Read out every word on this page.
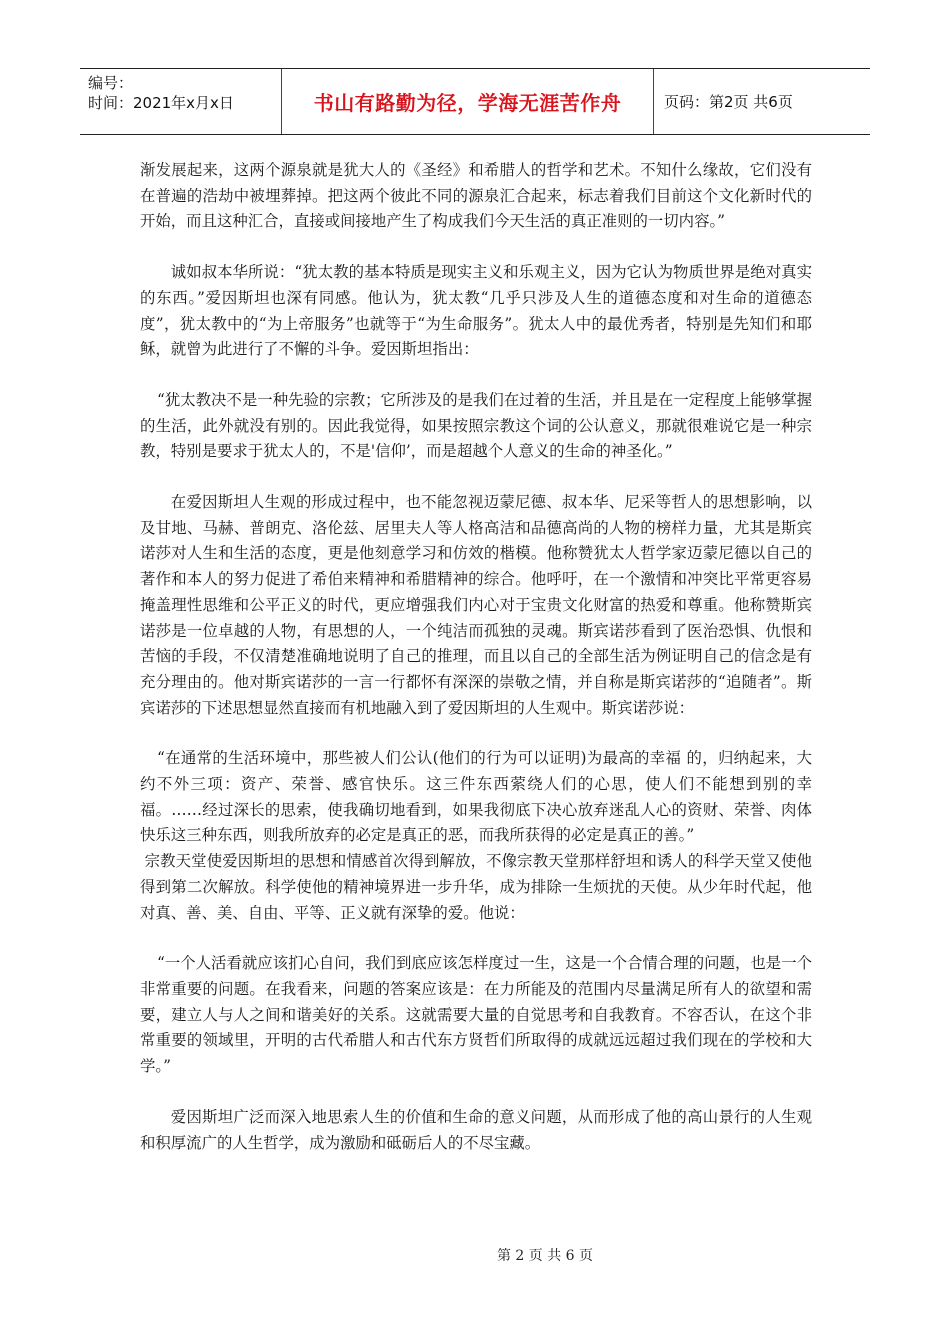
编号：
时间：2021年x月x日	书山有路勤为径，学海无涯苦作舟	页码：第2页 共6页

渐发展起来，这两个源泉就是犹大人的《圣经》和希腊人的哲学和艺术。不知什么缘故，它们没有在普遍的浩劫中被埋葬掉。把这两个彼此不同的源泉汇合起来，标志着我们目前这个文化新时代的开始，而且这种汇合，直接或间接地产生了构成我们今天生活的真正准则的一切内容。”

诚如叔本华所说：“犹太教的基本特质是现实主义和乐观主义，因为它认为物质世界是绝对真实的东西。”爱因斯坦也深有同感。他认为，犹太教“几乎只涉及人生的道德态度和对生命的道德态度”，犹太教中的“为上帝服务”也就等于“为生命服务”。犹太人中的最优秀者，特别是先知们和耶稣，就曾为此进行了不懈的斗争。爱因斯坦指出：

“犹太教决不是一种先验的宗教；它所涉及的是我们在过着的生活，并且是在一定程度上能够掌握的生活，此外就没有别的。因此我觉得，如果按照宗教这个词的公认意义，那就很难说它是一种宗教，特别是要求于犹太人的，不是'信仰’，而是超越个人意义的生命的神圣化。”

在爱因斯坦人生观的形成过程中，也不能忽视迈蒙尼德、叔本华、尼采等哲人的思想影响，以及甘地、马赫、普朗克、洛伦兹、居里夫人等人格高洁和品德高尚的人物的榜样力量，尤其是斯宾诺莎对人生和生活的态度，更是他刻意学习和仿效的楷模。他称赞犹太人哲学家迈蒙尼德以自己的著作和本人的努力促进了希伯来精神和希腊精神的综合。他呼吁，在一个激情和冲突比平常更容易掩盖理性思维和公平正义的时代，更应增强我们内心对于宝贵文化财富的热爱和尊重。他称赞斯宾诺莎是一位卓越的人物，有思想的人，一个纯洁而孤独的灵魂。斯宾诺莎看到了医治恐惧、仇恨和苦恼的手段，不仅清楚准确地说明了自己的推理，而且以自己的全部生活为例证明自己的信念是有充分理由的。他对斯宾诺莎的一言一行都怀有深深的崇敬之情，并自称是斯宾诺莎的“追随者”。斯宾诺莎的下述思想显然直接而有机地融入到了爱因斯坦的人生观中。斯宾诺莎说：

“在通常的生活环境中，那些被人们公认(他们的行为可以证明)为最高的幸福 的，归纳起来，大约不外三项：资产、荣誉、感官快乐。这三件东西萦绕人们的心思，使人们不能想到别的幸福。……经过深长的思索，使我确切地看到，如果我彻底下决心放弃迷乱人心的资财、荣誉、肉体快乐这三种东西，则我所放弃的必定是真正的恶，而我所获得的必定是真正的善。”

宗教天堂使爱因斯坦的思想和情感首次得到解放，不像宗教天堂那样舒坦和诱人的科学天堂又使他得到第二次解放。科学使他的精神境界进一步升华，成为排除一生烦扰的天使。从少年时代起，他对真、善、美、自由、平等、正义就有深挚的爱。他说：

“一个人活看就应该扪心自问，我们到底应该怎样度过一生，这是一个合情合理的问题，也是一个非常重要的问题。在我看来，问题的答案应该是：在力所能及的范围内尽量满足所有人的欲望和需要，建立人与人之间和谐美好的关系。这就需要大量的自觉思考和自我教育。不容否认，在这个非常重要的领域里，开明的古代希腊人和古代东方贤哲们所取得的成就远远超过我们现在的学校和大学。”

爱因斯坦广泛而深入地思索人生的价值和生命的意义问题，从而形成了他的高山景行的人生观和积厚流广的人生哲学，成为激励和砥砺后人的不尽宝藏。

第 2 页 共 6 页
